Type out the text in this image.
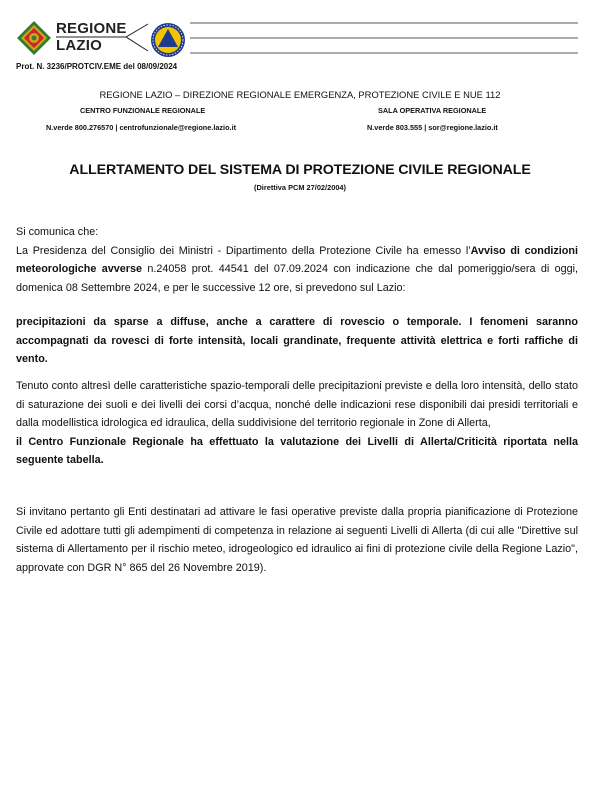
REGIONE
LAZIO
Prot. N. 3236/PROTCIV.EME del 08/09/2024
REGIONE LAZIO – DIREZIONE REGIONALE EMERGENZA, PROTEZIONE CIVILE E NUE 112
CENTRO FUNZIONALE REGIONALE	SALA OPERATIVA REGIONALE
N.verde 800.276570 | centrofunzionale@regione.lazio.it	N.verde 803.555 | sor@regione.lazio.it
ALLERTAMENTO DEL SISTEMA DI PROTEZIONE CIVILE REGIONALE
(Direttiva PCM 27/02/2004)
Si comunica che:
La Presidenza del Consiglio dei Ministri - Dipartimento della Protezione Civile ha emesso l’Avviso di condizioni meteorologiche avverse n.24058 prot. 44541 del 07.09.2024 con indicazione che dal pomeriggio/sera di oggi, domenica 08 Settembre 2024, e per le successive 12 ore, si prevedono sul Lazio:
precipitazioni da sparse a diffuse, anche a carattere di rovescio o temporale. I fenomeni saranno accompagnati da rovesci di forte intensità, locali grandinate, frequente attività elettrica e forti raffiche di vento.
Tenuto conto altresì delle caratteristiche spazio-temporali delle precipitazioni previste e della loro intensità, dello stato di saturazione dei suoli e dei livelli dei corsi d’acqua, nonché delle indicazioni rese disponibili dai presidi territoriali e dalla modellistica idrologica ed idraulica, della suddivisione del territorio regionale in Zone di Allerta,
il Centro Funzionale Regionale ha effettuato la valutazione dei Livelli di Allerta/Criticità riportata nella seguente tabella.
Si invitano pertanto gli Enti destinatari ad attivare le fasi operative previste dalla propria pianificazione di Protezione Civile ed adottare tutti gli adempimenti di competenza in relazione ai seguenti Livelli di Allerta (di cui alle "Direttive sul sistema di Allertamento per il rischio meteo, idrogeologico ed idraulico ai fini di protezione civile della Regione Lazio", approvate con DGR N° 865 del 26 Novembre 2019).
